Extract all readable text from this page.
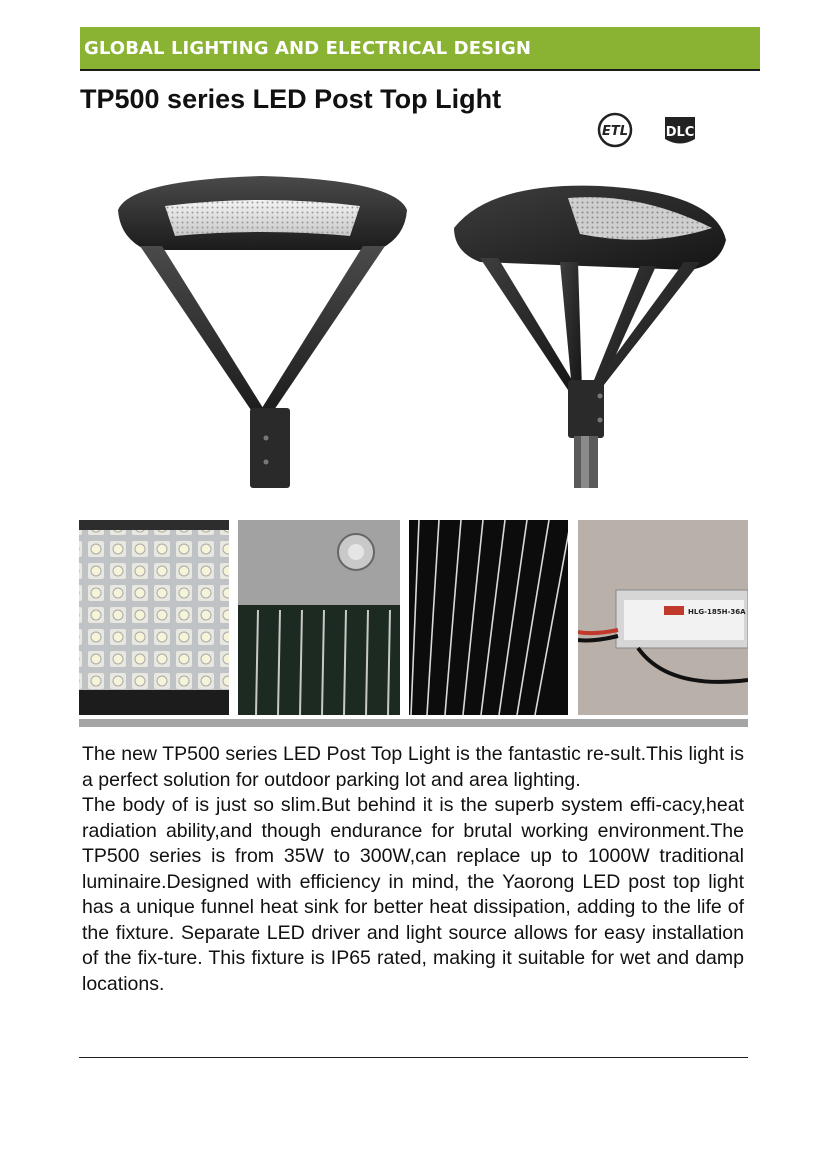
GLOBAL LIGHTING AND ELECTRICAL DESIGN
TP500 series LED Post Top Light
ETL	DLC
HLG-185H-36A

The new TP500 series LED Post Top Light is the fantastic re-sult.This light is a perfect solution for outdoor parking lot and area lighting.

The body of is just so slim.But behind it is the superb system effi-cacy,heat radiation ability,and though endurance for brutal working environment.The TP500 series is from 35W to 300W,can replace up to 1000W traditional luminaire.Designed with efficiency in mind, the Yaorong LED post top light has a unique funnel heat sink for better heat dissipation, adding to the life of the fixture. Separate LED driver and light source allows for easy installation of the fix-ture. This fixture is IP65 rated, making it suitable for wet and damp locations.
